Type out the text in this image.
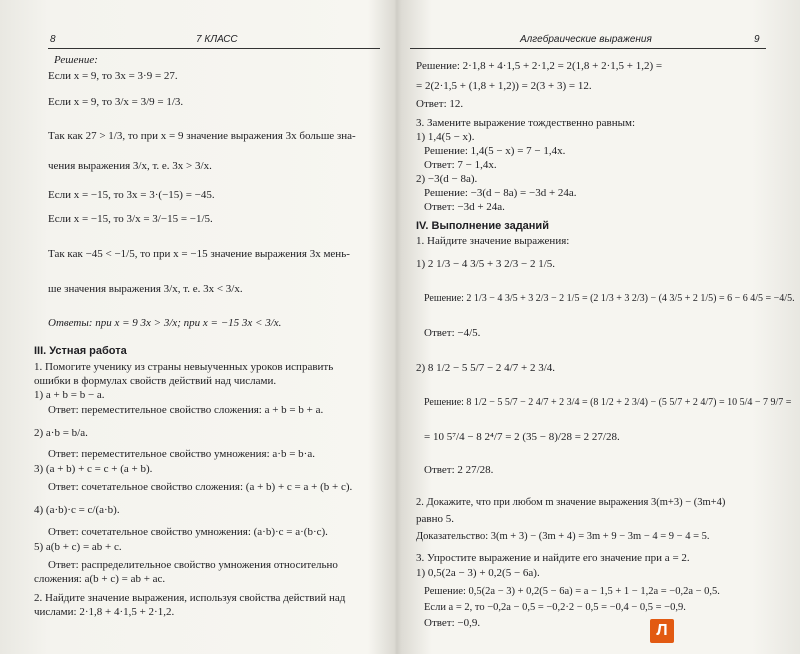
8	7 КЛАСС
Решение:
Если x = 9, то 3x = 3·9 = 27.
Если x = 9, то 3/x = 3/9 = 1/3.
Так как 27 > 1/3, то при x = 9 значение выражения 3x больше зна-
чения выражения 3/x, т. е. 3x > 3/x.
Если x = −15, то 3x = 3·(−15) = −45.
Если x = −15, то 3/x = 3/−15 = −1/5.
Так как −45 < −1/5, то при x = −15 значение выражения 3x мень-
ше значения выражения 3/x, т. е. 3x < 3/x.
Ответы: при x = 9 3x > 3/x; при x = −15 3x < 3/x.
III. Устная работа
1. Помогите ученику из страны невыученных уроков исправить
ошибки в формулах свойств действий над числами.
1) a + b = b − a.
Ответ: переместительное свойство сложения: a + b = b + a.
2) a·b = b/a.
Ответ: переместительное свойство умножения: a·b = b·a.
3) (a + b) + c = c + (a + b).
Ответ: сочетательное свойство сложения: (a + b) + c = a + (b + c).
4) (a·b)·c = c/(a·b).
Ответ: сочетательное свойство умножения: (a·b)·c = a·(b·c).
5) a(b + c) = ab + c.
Ответ: распределительное свойство умножения относительно
сложения: a(b + c) = ab + ac.
2. Найдите значение выражения, используя свойства действий над
числами: 2·1,8 + 4·1,5 + 2·1,2.
Алгебраические выражения	9
Решение: 2·1,8 + 4·1,5 + 2·1,2 = 2(1,8 + 2·1,5 + 1,2) =
= 2(2·1,5 + (1,8 + 1,2)) = 2(3 + 3) = 12.
Ответ: 12.
3. Замените выражение тождественно равным:
1) 1,4(5 − x).
Решение: 1,4(5 − x) = 7 − 1,4x.
Ответ: 7 − 1,4x.
2) −3(d − 8a).
Решение: −3(d − 8a) = −3d + 24a.
Ответ: −3d + 24a.
IV. Выполнение заданий
1. Найдите значение выражения:
1) 2 1/3 − 4 3/5 + 3 2/3 − 2 1/5.
Решение: 2 1/3 − 4 3/5 + 3 2/3 − 2 1/5 = (2 1/3 + 3 2/3) − (4 3/5 + 2 1/5) = 6 − 6 4/5 = −4/5.
Ответ: −4/5.
2) 8 1/2 − 5 5/7 − 2 4/7 + 2 3/4.
Решение: 8 1/2 − 5 5/7 − 2 4/7 + 2 3/4 = (8 1/2 + 2 3/4) − (5 5/7 + 2 4/7) = 10 5/4 − 7 9/7 =
= 10 5⁷/4 − 8 2⁴/7 = 2 (35 − 8)/28 = 2 27/28.
Ответ: 2 27/28.
2. Докажите, что при любом m значение выражения 3(m+3) − (3m+4)
равно 5.
Доказательство: 3(m + 3) − (3m + 4) = 3m + 9 − 3m − 4 = 9 − 4 = 5.
3. Упростите выражение и найдите его значение при a = 2.
1) 0,5(2a − 3) + 0,2(5 − 6a).
Решение: 0,5(2a − 3) + 0,2(5 − 6a) = a − 1,5 + 1 − 1,2a = −0,2a − 0,5.
Если a = 2, то −0,2a − 0,5 = −0,2·2 − 0,5 = −0,4 − 0,5 = −0,9.
Ответ: −0,9.	Л
